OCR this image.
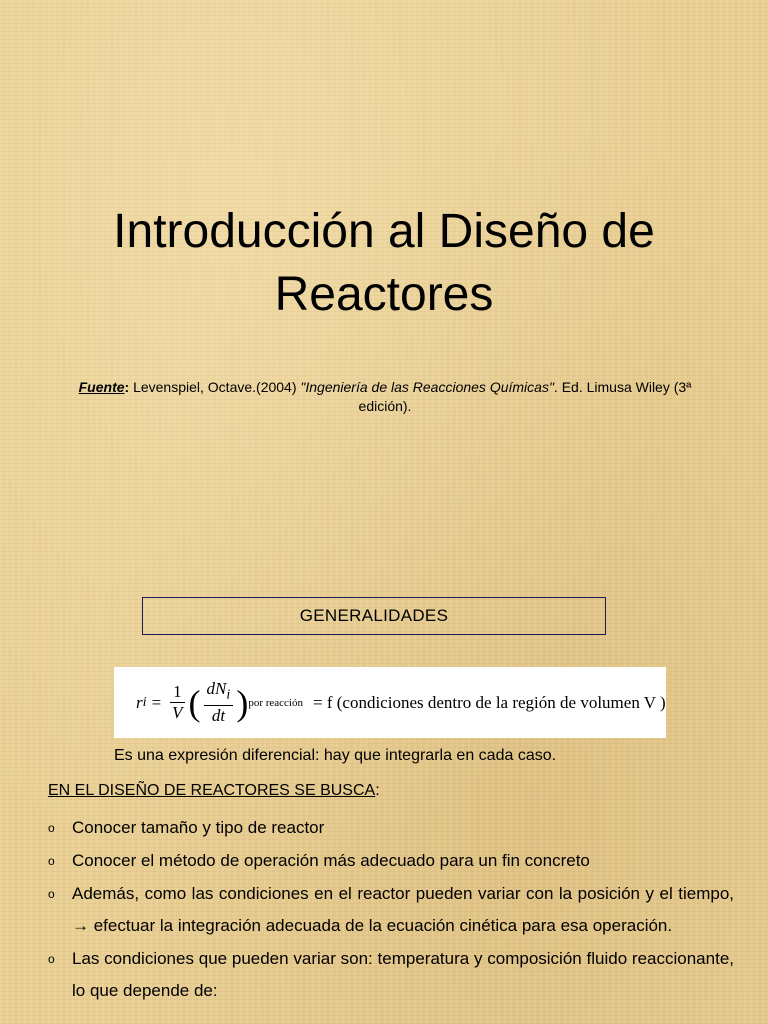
Introducción al Diseño de
Reactores
Fuente: Levenspiel, Octave.(2004) "Ingeniería de las Reacciones Químicas". Ed. Limusa Wiley (3ª edición).
GENERALIDADES
r $i = \frac{1}{V}$ ( $\frac{dN_i}{dt}$ ) por reacción = f (condiciones dentro de la región de volumen V )
Es una expresión diferencial: hay que integrarla en cada caso.
EN EL DISEÑO DE REACTORES SE BUSCA:
o Conocer tamaño y tipo de reactor
o Conocer el método de operación más adecuado para un fin concreto
o Además, como las condiciones en el reactor pueden variar con la posición y el tiempo, → efectuar la integración adecuada de la ecuación cinética para esa operación.
o Las condiciones que pueden variar son: temperatura y composición fluido reaccionante, lo que depende de:
